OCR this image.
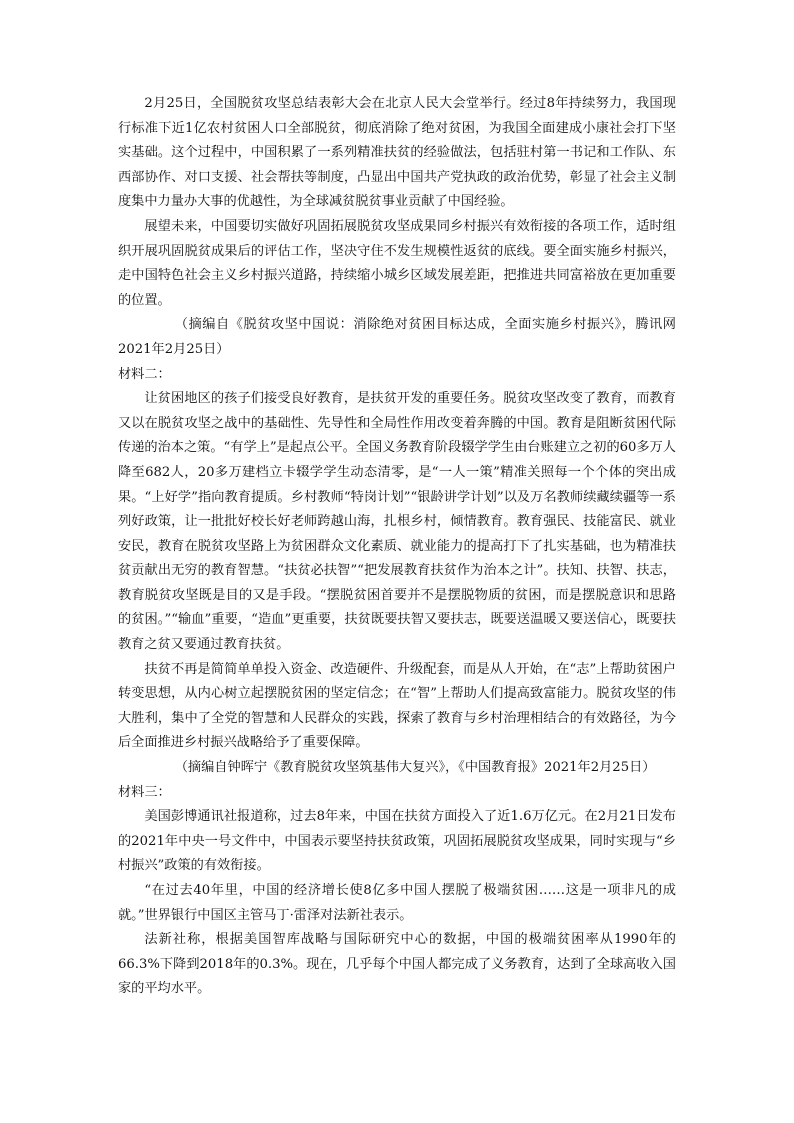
2月25日，全国脱贫攻坚总结表彰大会在北京人民大会堂举行。经过8年持续努力，我国现行标准下近1亿农村贫困人口全部脱贫，彻底消除了绝对贫困，为我国全面建成小康社会打下坚实基础。这个过程中，中国积累了一系列精准扶贫的经验做法，包括驻村第一书记和工作队、东西部协作、对口支援、社会帮扶等制度，凸显出中国共产党执政的政治优势，彰显了社会主义制度集中力量办大事的优越性，为全球减贫脱贫事业贡献了中国经验。

展望未来，中国要切实做好巩固拓展脱贫攻坚成果同乡村振兴有效衔接的各项工作，适时组织开展巩固脱贫成果后的评估工作，坚决守住不发生规模性返贫的底线。要全面实施乡村振兴，走中国特色社会主义乡村振兴道路，持续缩小城乡区域发展差距，把推进共同富裕放在更加重要的位置。

（摘编自《脱贫攻坚中国说：消除绝对贫困目标达成，全面实施乡村振兴》，腾讯网2021年2月25日）

材料二：

让贫困地区的孩子们接受良好教育，是扶贫开发的重要任务。脱贫攻坚改变了教育，而教育又以在脱贫攻坚之战中的基础性、先导性和全局性作用改变着奔腾的中国。教育是阻断贫困代际传递的治本之策。“有学上”是起点公平。全国义务教育阶段辍学学生由台账建立之初的60多万人降至682人，20多万建档立卡辍学学生动态清零，是“一人一策”精准关照每一个个体的突出成果。“上好学”指向教育提质。乡村教师“特岗计划”“银龄讲学计划”以及万名教师续藏续疆等一系列好政策，让一批批好校长好老师跨越山海，扎根乡村，倾情教育。教育强民、技能富民、就业安民，教育在脱贫攻坚路上为贫困群众文化素质、就业能力的提高打下了扎实基础，也为精准扶贫贡献出无穷的教育智慧。“扶贫必扶智”“把发展教育扶贫作为治本之计”。扶知、扶智、扶志，教育脱贫攻坚既是目的又是手段。“摆脱贫困首要并不是摆脱物质的贫困，而是摆脱意识和思路的贫困。”“输血”重要，“造血”更重要，扶贫既要扶智又要扶志，既要送温暖又要送信心，既要扶教育之贫又要通过教育扶贫。

扶贫不再是简简单单投入资金、改造硬件、升级配套，而是从人开始，在“志”上帮助贫困户转变思想，从内心树立起摆脱贫困的坚定信念；在“智”上帮助人们提高致富能力。脱贫攻坚的伟大胜利，集中了全党的智慧和人民群众的实践，探索了教育与乡村治理相结合的有效路径，为今后全面推进乡村振兴战略给予了重要保障。

（摘编自钟晖宁《教育脱贫攻坚筑基伟大复兴》，《中国教育报》2021年2月25日）

材料三：

美国彭博通讯社报道称，过去8年来，中国在扶贫方面投入了近1.6万亿元。在2月21日发布的2021年中央一号文件中，中国表示要坚持扶贫政策，巩固拓展脱贫攻坚成果，同时实现与“乡村振兴”政策的有效衔接。

“在过去40年里，中国的经济增长使8亿多中国人摆脱了极端贫困……这是一项非凡的成就。”世界银行中国区主管马丁·雷泽对法新社表示。

法新社称，根据美国智库战略与国际研究中心的数据，中国的极端贫困率从1990年的66.3%下降到2018年的0.3%。现在，几乎每个中国人都完成了义务教育，达到了全球高收入国家的平均水平。
